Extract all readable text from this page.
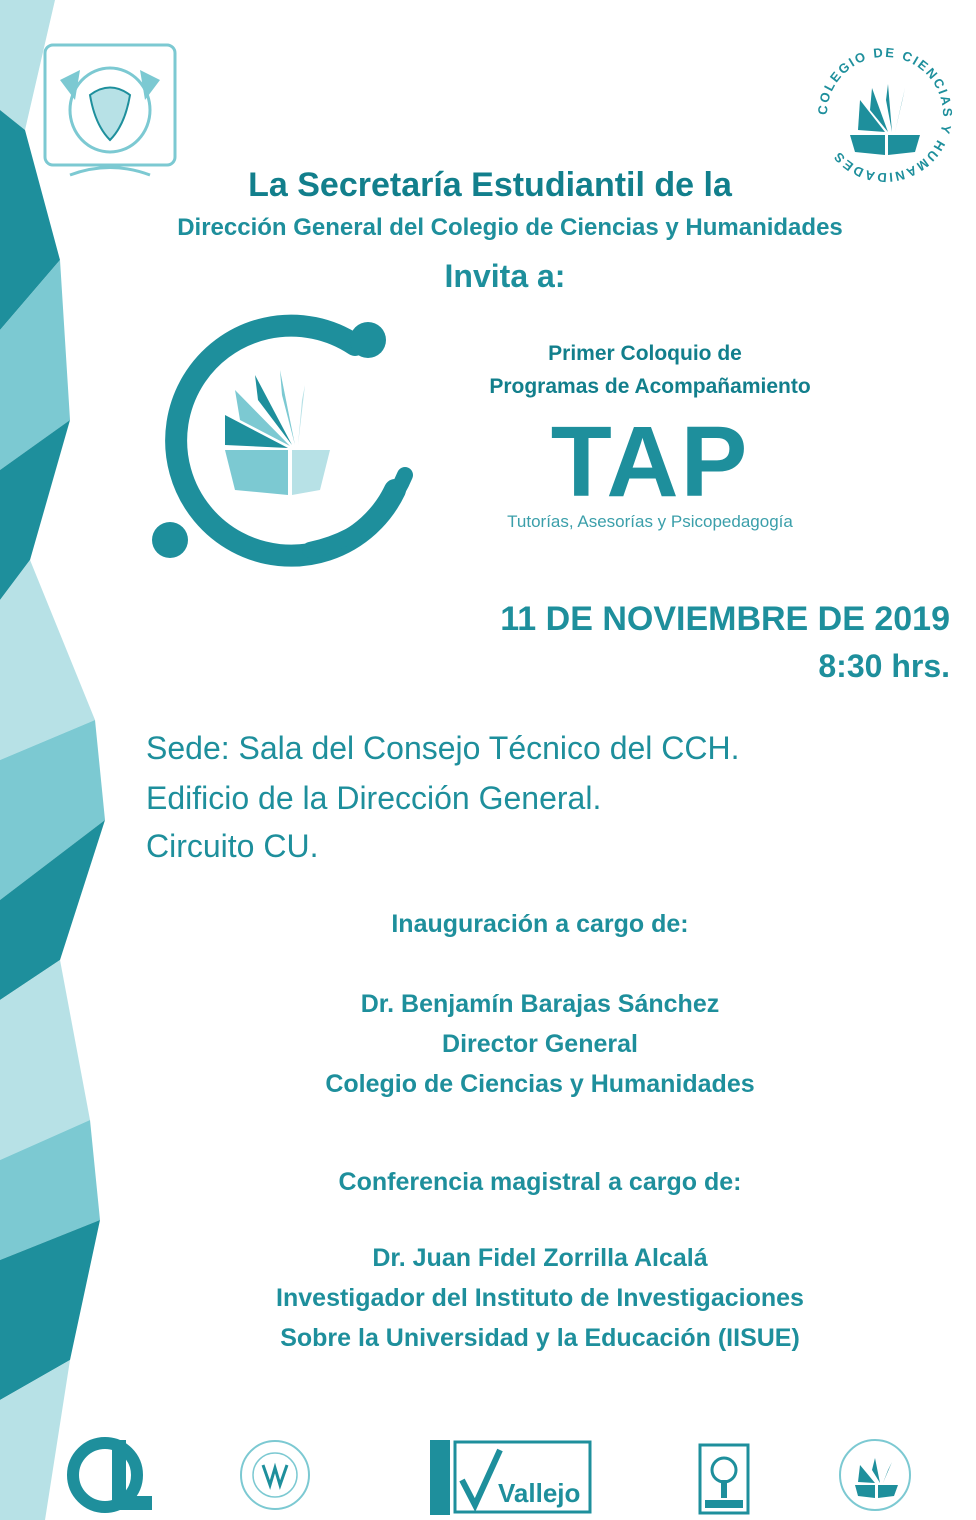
COLEGIO DE CIENCIAS Y HUMANIDADES
La Secretaría Estudiantil de la
Dirección General del Colegio de Ciencias y Humanidades
Invita a:
Primer Coloquio de
Programas de Acompañamiento
TAP
Tutorías, Asesorías y Psicopedagogía
11 DE NOVIEMBRE DE 2019
8:30 hrs.
Sede: Sala del Consejo Técnico del CCH.
Edificio de la Dirección General.
Circuito CU.
Inauguración a cargo de:
Dr. Benjamín Barajas Sánchez
Director General
Colegio de Ciencias y Humanidades
Conferencia magistral a cargo de:
Dr. Juan Fidel Zorrilla Alcalá
Investigador del Instituto de Investigaciones
Sobre la Universidad y la Educación (IISUE)
Vallejo
